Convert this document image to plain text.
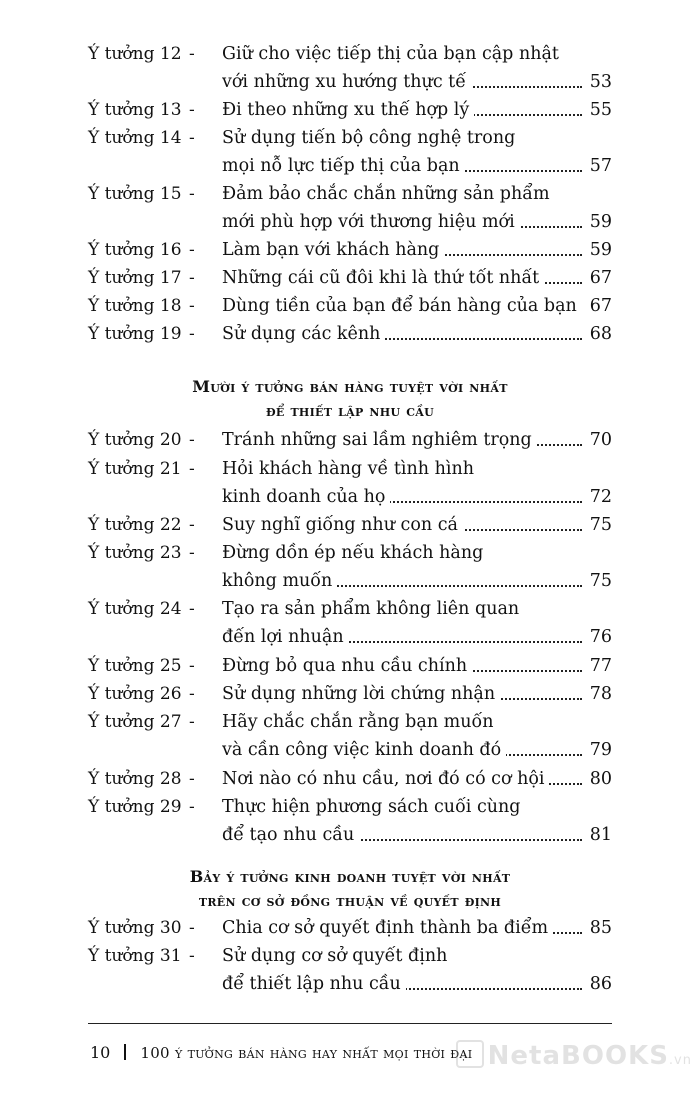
Ý tưởng 12 - Giữ cho việc tiếp thị của bạn cập nhật
với những xu hướng thực tế	53
Ý tưởng 13 - Đi theo những xu thế hợp lý	55
Ý tưởng 14 - Sử dụng tiến bộ công nghệ trong
mọi nỗ lực tiếp thị của bạn	57
Ý tưởng 15 - Đảm bảo chắc chắn những sản phẩm
mới phù hợp với thương hiệu mới	59
Ý tưởng 16 - Làm bạn với khách hàng	59
Ý tưởng 17 - Những cái cũ đôi khi là thứ tốt nhất	67
Ý tưởng 18 - Dùng tiền của bạn để bán hàng của bạn 67
Ý tưởng 19 - Sử dụng các kênh	68
Mười ý tưởng bán hàng tuyệt vời nhất
để thiết lập nhu cầu
Ý tưởng 20 - Tránh những sai lầm nghiêm trọng	70
Ý tưởng 21 - Hỏi khách hàng về tình hình
kinh doanh của họ	72
Ý tưởng 22 - Suy nghĩ giống như con cá	75
Ý tưởng 23 - Đừng dồn ép nếu khách hàng
không muốn	75
Ý tưởng 24 - Tạo ra sản phẩm không liên quan
đến lợi nhuận	76
Ý tưởng 25 - Đừng bỏ qua nhu cầu chính	77
Ý tưởng 26 - Sử dụng những lời chứng nhận	78
Ý tưởng 27 - Hãy chắc chắn rằng bạn muốn
và cần công việc kinh doanh đó	79
Ý tưởng 28 - Nơi nào có nhu cầu, nơi đó có cơ hội	80
Ý tưởng 29 - Thực hiện phương sách cuối cùng
để tạo nhu cầu	81
Bảy ý tưởng kinh doanh tuyệt vời nhất
trên cơ sở đồng thuận về quyết định
Ý tưởng 30 - Chia cơ sở quyết định thành ba điểm	85
Ý tưởng 31 - Sử dụng cơ sở quyết định
để thiết lập nhu cầu	86
10 100 ý tưởng bán hàng hay nhất mọi thời đại NetaBOOKS.vn
